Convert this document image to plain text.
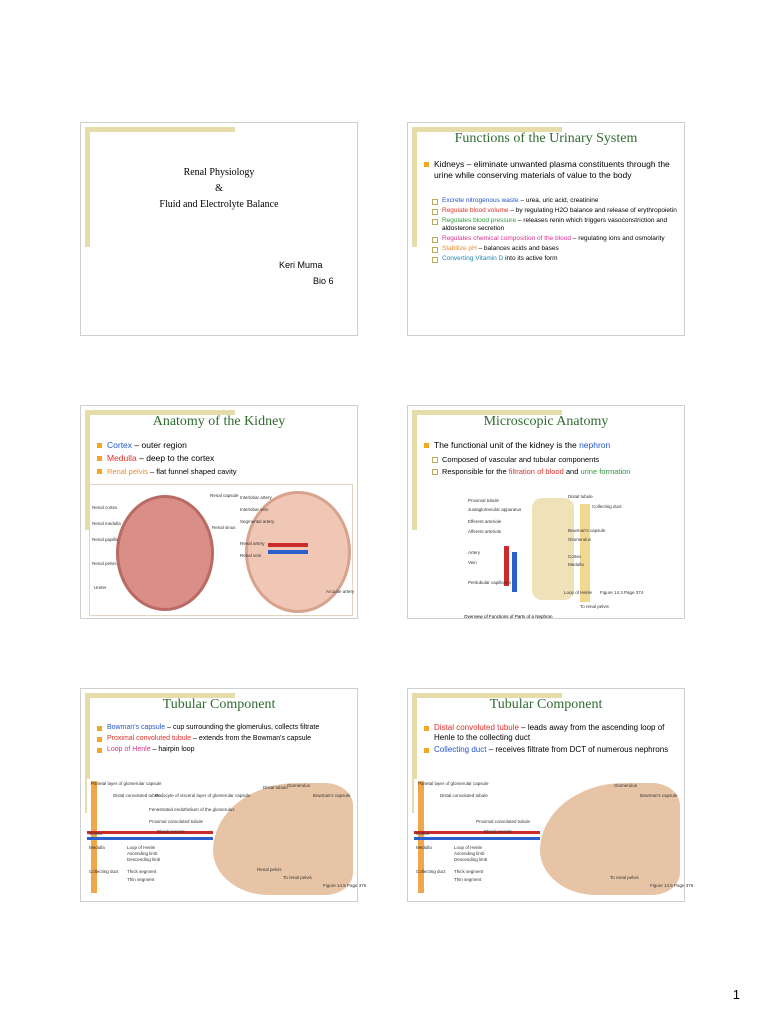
Renal Physiology
&
Fluid and Electrolyte Balance
Keri Muma
Bio 6
Functions of the Urinary System
Kidneys – eliminate unwanted plasma constituents through the urine while conserving materials of value to the body
Excrete nitrogenous waste – urea, uric acid, creatinine
Regulate blood volume – by regulating H2O balance and release of erythropoietin
Regulates blood pressure – releases renin which triggers vasoconstriction and aldosterone secretion
Regulates chemical composition of the blood – regulating ions and osmolarity
Stabilize pH – balances acids and bases
Converting Vitamin D into its active form
Anatomy of the Kidney
Cortex – outer region
Medulla – deep to the cortex
Renal pelvis – flat funnel shaped cavity
Renal capsule
Renal cortex
Renal medulla
Renal papilla
Renal sinus
Renal pelvis
Ureter
Interlobar artery
Interlobar vein
Segmental artery
Renal artery
Renal vein
Arcuate artery
Microscopic Anatomy
The functional unit of the kidney is the nephron
Composed of vascular and tubular components
Responsible for the filtration of blood and urine formation
Proximal tubule
Juxtaglomerular apparatus
Efferent arteriole
Afferent arteriole
Distal tubule
Collecting duct
Bowman's capsule
Glomerulus
Artery
Vein
Peritubular capillaries
Loop of Henle
Cortex
Medulla
To renal pelvis
Figure 14.3 Page 374
Overview of Functions of Parts of a Nephron
Tubular Component
Bowman's capsule – cup surrounding the glomerulus, collects filtrate
Proximal convoluted tubule – extends from the Bowman's capsule
Loop of Henle – hairpin loop
Parietal layer of glomerular capsule
Distal convoluted tubule
Podocyte of visceral layer of glomerular capsule
Fenestrated endothelium of the glomerulus
Proximal convoluted tubule
Blood vessels
Loop of Henle
Ascending limb
Descending limb
Thick segment
Thin segment
Collecting duct
Cortex
Medulla
Renal pelvis
Distal tubule Glomerulus
Bowman's capsule
To renal pelvis
Figure 14.5 Page 376
Tubular Component
Distal convoluted tubule – leads away from the ascending loop of Henle to the collecting duct
Collecting duct – receives filtrate from DCT of numerous nephrons
Parietal layer of glomerular capsule
Distal convoluted tubule
Proximal convoluted tubule
Blood vessels
Loop of Henle
Ascending limb
Descending limb
Thick segment
Thin segment
Collecting duct
Cortex
Medulla
Glomerulus
Bowman's capsule
To renal pelvis
Figure 14.5 Page 376
1
